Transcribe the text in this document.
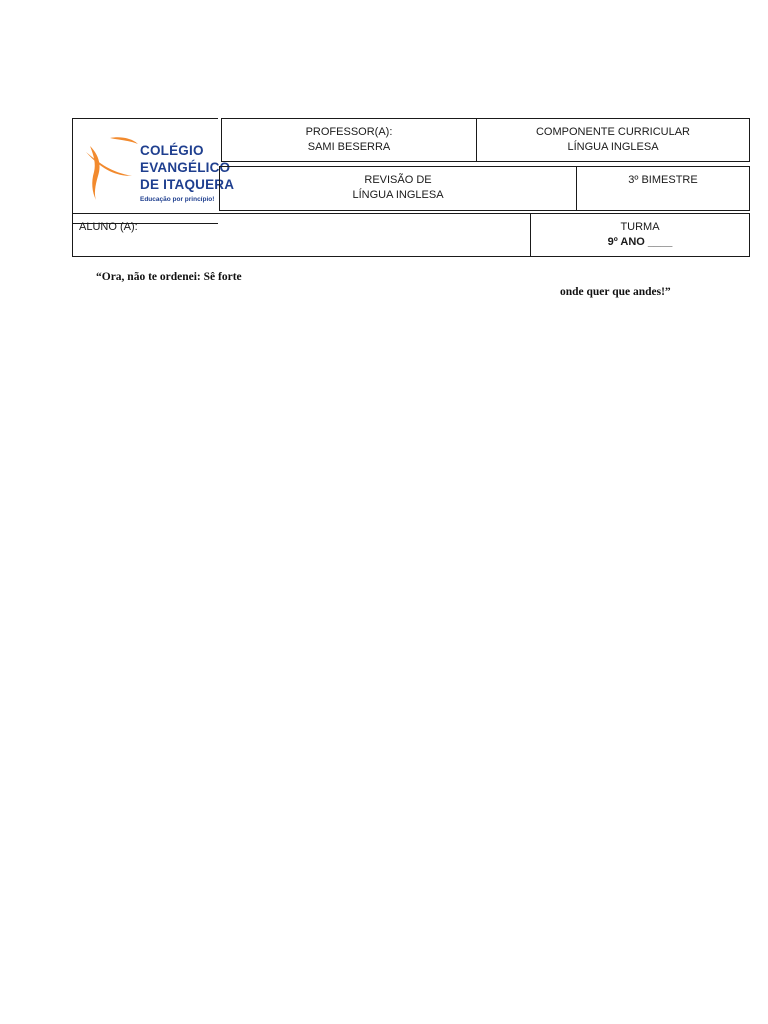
COLÉGIO
EVANGÉLICO
DE ITAQUERA
Educação por princípio!
PROFESSOR(A):
SAMI BESERRA
COMPONENTE CURRICULAR
LÍNGUA INGLESA
REVISÃO DE
LÍNGUA INGLESA
3º BIMESTRE
ALUNO (A):	TURMA
9º ANO ____
“Ora, não te ordenei: Sê forte
onde quer que andes!”
